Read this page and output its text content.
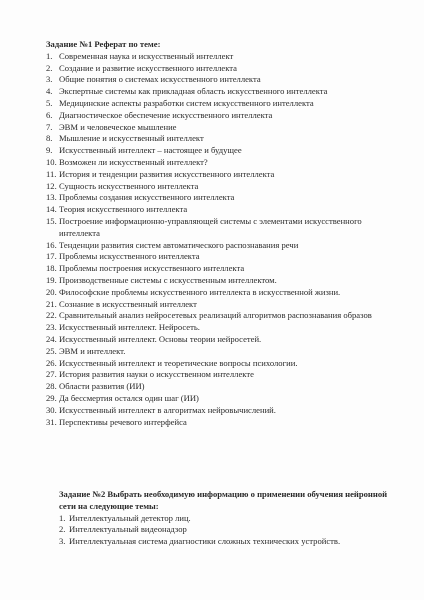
Задание №1 Реферат по теме:
1. Современная наука и искусственный интеллект
2. Создание и развитие искусственного интеллекта
3. Общие понятия о системах искусственного интеллекта
4. Экспертные системы как прикладная область искусственного интеллекта
5. Медицинские аспекты разработки систем искусственного интеллекта
6. Диагностическое обеспечение искусственного интеллекта
7. ЭВМ и человеческое мышление
8. Мышление и искусственный интеллект
9. Искусственный интеллект – настоящее и будущее
10. Возможен ли искусственный интеллект?
11. История и тенденции развития искусственного интеллекта
12. Сущность искусственного интеллекта
13. Проблемы создания искусственного интеллекта
14. Теория искусственного интеллекта
15. Построение информационно-управляющей системы с элементами искусственного интеллекта
16. Тенденции развития систем автоматического распознавания речи
17. Проблемы искусственного интеллекта
18. Проблемы построения искусственного интеллекта
19. Производственные системы с искусственным интеллектом.
20. Философские проблемы искусственного интеллекта в искусственной жизни.
21. Сознание в искусственный интеллект
22. Сравнительный анализ нейросетевых реализаций алгоритмов распознавания образов
23. Искусственный интеллект. Нейросеть.
24. Искусственный интеллект. Основы теории нейросетей.
25. ЭВМ и интеллект.
26. Искусственный интеллект и теоретические вопросы психологии.
27. История развития науки о искусственном интеллекте
28. Области развития (ИИ)
29. Да бессмертия остался один шаг (ИИ)
30. Искусственный интеллект в алгоритмах нейровычислений.
31. Перспективы речевого интерфейса
Задание №2 Выбрать необходимую информацию о применении обучения нейронной сети на следующие темы:
1. Интеллектуальный детектор лиц.
2. Интеллектуальный видеонадзор
3. Интеллектуальная система диагностики сложных технических устройств.
